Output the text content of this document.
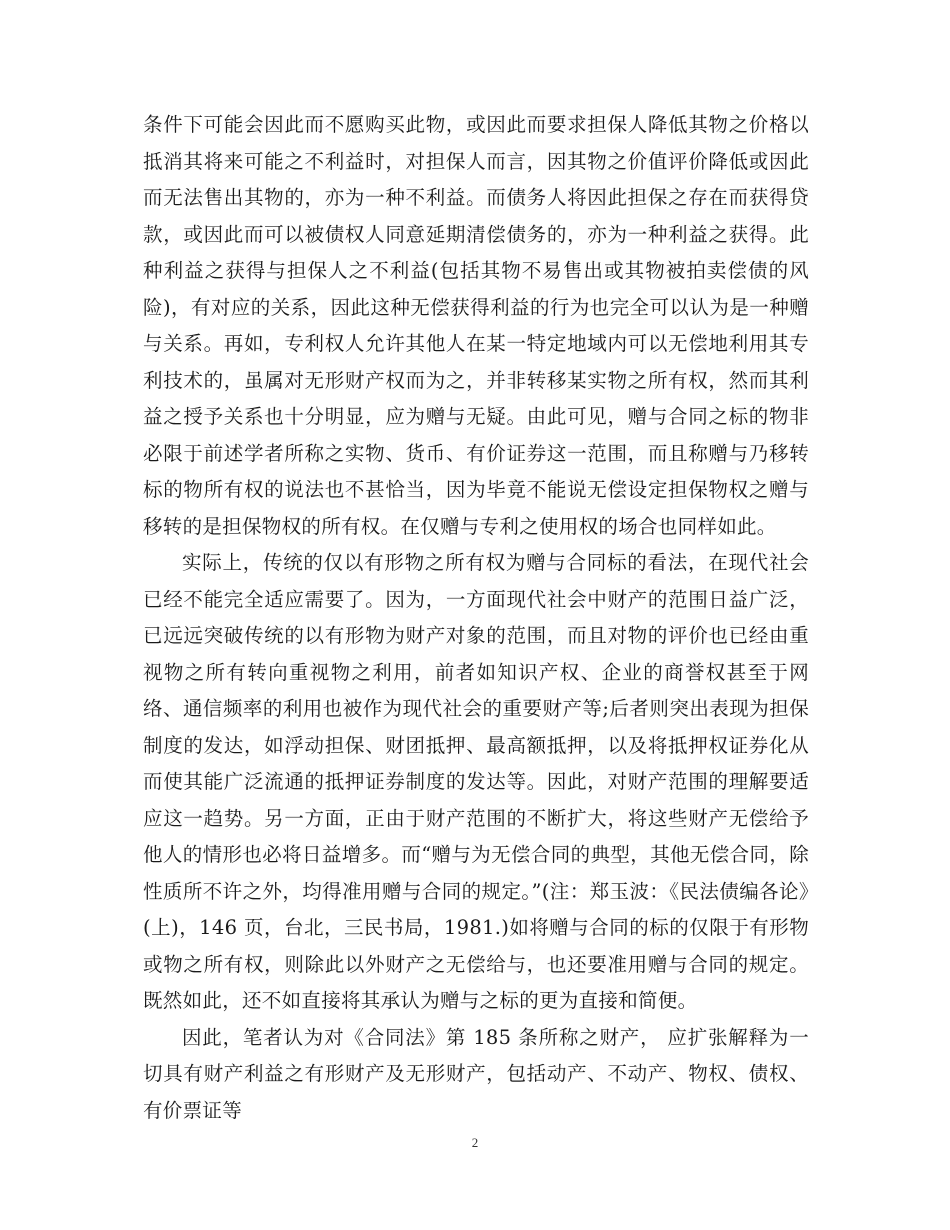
条件下可能会因此而不愿购买此物，或因此而要求担保人降低其物之价格以抵消其将来可能之不利益时，对担保人而言，因其物之价值评价降低或因此而无法售出其物的，亦为一种不利益。而债务人将因此担保之存在而获得贷款，或因此而可以被债权人同意延期清偿债务的，亦为一种利益之获得。此种利益之获得与担保人之不利益(包括其物不易售出或其物被拍卖偿债的风险)，有对应的关系，因此这种无偿获得利益的行为也完全可以认为是一种赠与关系。再如，专利权人允许其他人在某一特定地域内可以无偿地利用其专利技术的，虽属对无形财产权而为之，并非转移某实物之所有权，然而其利益之授予关系也十分明显，应为赠与无疑。由此可见，赠与合同之标的物非必限于前述学者所称之实物、货币、有价证券这一范围，而且称赠与乃移转标的物所有权的说法也不甚恰当，因为毕竟不能说无偿设定担保物权之赠与移转的是担保物权的所有权。在仅赠与专利之使用权的场合也同样如此。

实际上，传统的仅以有形物之所有权为赠与合同标的看法，在现代社会已经不能完全适应需要了。因为，一方面现代社会中财产的范围日益广泛，已远远突破传统的以有形物为财产对象的范围，而且对物的评价也已经由重视物之所有转向重视物之利用，前者如知识产权、企业的商誉权甚至于网络、通信频率的利用也被作为现代社会的重要财产等;后者则突出表现为担保制度的发达，如浮动担保、财团抵押、最高额抵押，以及将抵押权证券化从而使其能广泛流通的抵押证券制度的发达等。因此，对财产范围的理解要适应这一趋势。另一方面，正由于财产范围的不断扩大，将这些财产无偿给予他人的情形也必将日益增多。而“赠与为无偿合同的典型，其他无偿合同，除性质所不许之外，均得准用赠与合同的规定。”(注：郑玉波：《民法债编各论》(上)，146 页，台北，三民书局，1981.)如将赠与合同的标的仅限于有形物或物之所有权，则除此以外财产之无偿给与，也还要准用赠与合同的规定。既然如此，还不如直接将其承认为赠与之标的更为直接和简便。

因此，笔者认为对《合同法》第 185 条所称之财产， 应扩张解释为一切具有财产利益之有形财产及无形财产，包括动产、不动产、物权、债权、有价票证等

2
